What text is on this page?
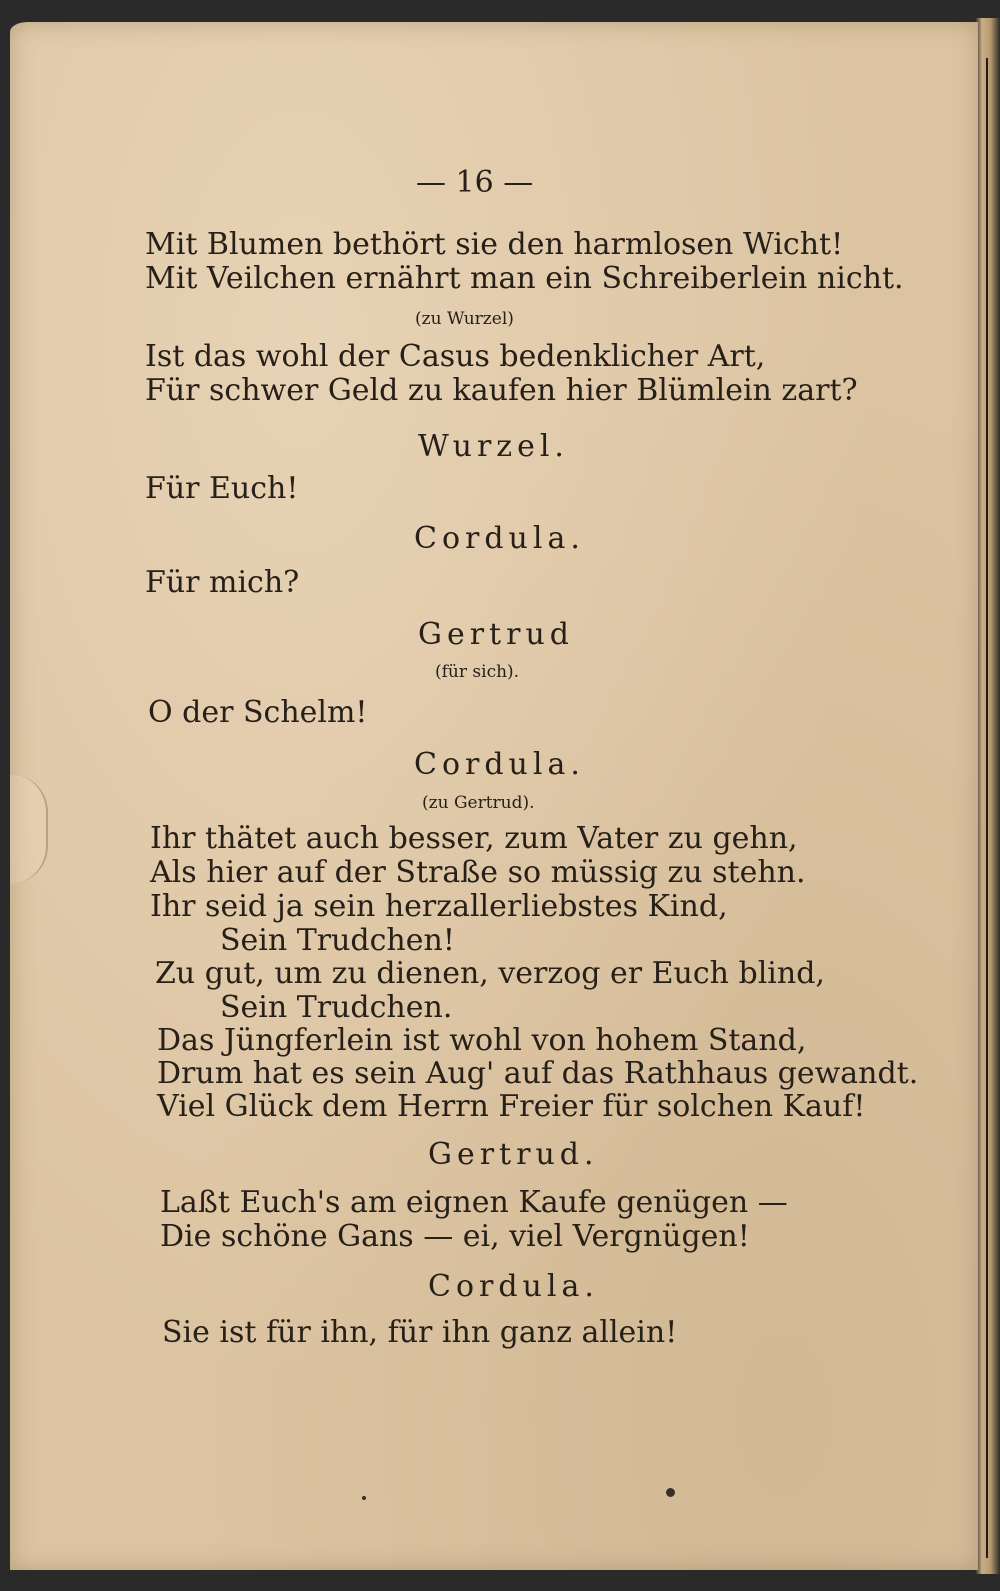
— 16 —
Mit Blumen bethört sie den harmlosen Wicht!
Mit Veilchen ernährt man ein Schreiberlein nicht.
(zu Wurzel)
Ist das wohl der Casus bedenklicher Art,
Für schwer Geld zu kaufen hier Blümlein zart?
Wurzel.
Für Euch!
Cordula.
Für mich?
Gertrud
(für sich).
O der Schelm!
Cordula.
(zu Gertrud).
Ihr thätet auch besser, zum Vater zu gehn,
Als hier auf der Straße so müssig zu stehn.
Ihr seid ja sein herzallerliebstes Kind,
Sein Trudchen!
Zu gut, um zu dienen, verzog er Euch blind,
Sein Trudchen.
Das Jüngferlein ist wohl von hohem Stand,
Drum hat es sein Aug' auf das Rathhaus gewandt.
Viel Glück dem Herrn Freier für solchen Kauf!
Gertrud.
Laßt Euch's am eignen Kaufe genügen —
Die schöne Gans — ei, viel Vergnügen!
Cordula.
Sie ist für ihn, für ihn ganz allein!
